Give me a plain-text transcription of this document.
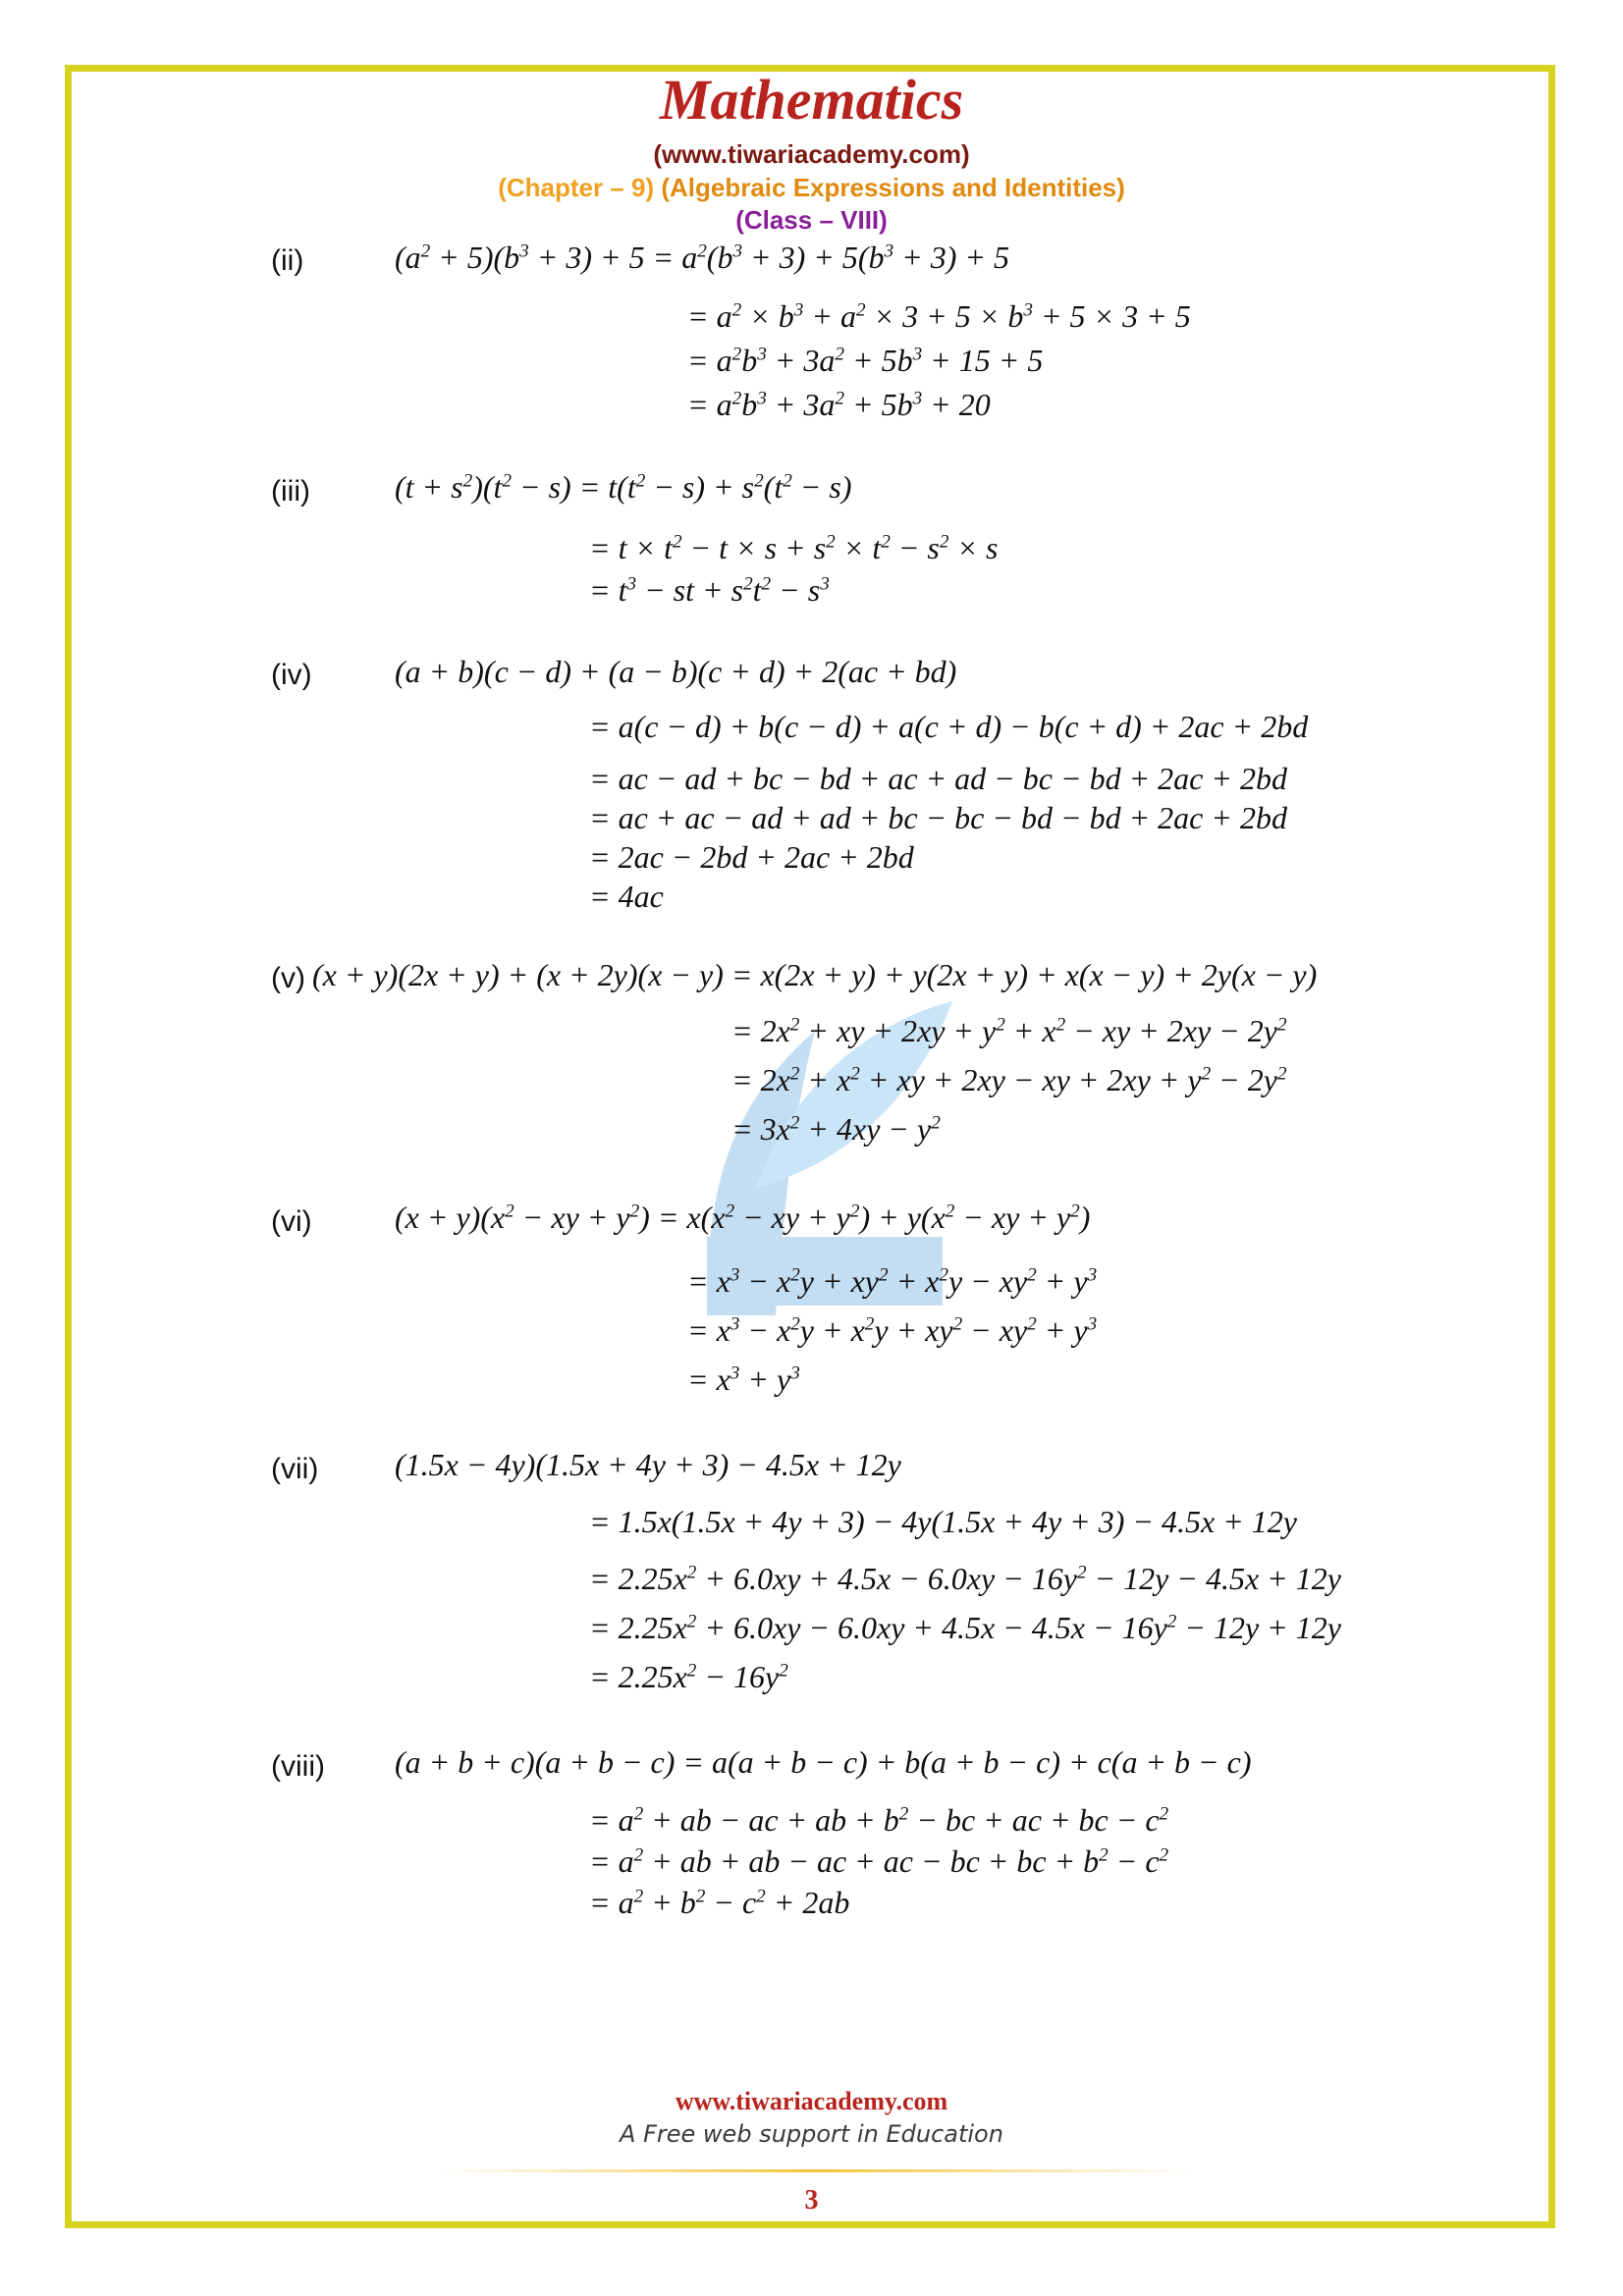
Mathematics
(www.tiwariacademy.com)
(Chapter – 9) (Algebraic Expressions and Identities)
(Class – VIII)
(ii)	$(a^2 + 5)(b^3 + 3) + 5 = a^2(b^3 + 3) + 5(b^3 + 3) + 5$
= $a^2 \times b^3 + a^2 \times 3 + 5 \times b^3 + 5 \times 3 + 5$
= $a^2b^3 + 3a^2 + 5b^3 + 15 + 5$
= $a^2b^3 + 3a^2 + 5b^3 + 20$
(iii)	$(t + s^2)(t^2 - s) = t(t^2 - s) + s^2(t^2 - s)$
= $t \times t^2 - t \times s + s^2 \times t^2 - s^2 \times s$
= $t^3$ − st + $s^2t^2 - s^3$
(iv)	(a + b)(c − d) + (a − b)(c + d) + 2(ac + bd)
= a(c − d) + b(c − d) + a(c + d) − b(c + d) + 2ac + 2bd
= ac − ad + bc − bd + ac + ad − bc − bd + 2ac + 2bd
= ac + ac − ad + ad + bc − bc − bd − bd + 2ac + 2bd
= 2ac − 2bd + 2ac + 2bd
= 4ac
(v) (x + y)(2x + y) + (x + 2y)(x − y) = x(2x + y) + y(2x + y) + x(x − y) + 2y(x − y)
= $2x^2$ + xy + $2xy + y^2 + x^2$ − xy + $2xy - 2y^2$
= $2x^2 + x^2$ + xy + 2xy − xy + $2xy + y^2 - 2y^2$
= $3x^2 + 4xy - y^2$
(vi)	$(x + y)(x^2$ − xy + $y^2) = x(x^2$ − xy + $y^2) + y(x^2$ − xy + $y^2$)
= $x^3 - x^2y + xy^2 + x^2y - xy^2 + y^3$
= $x^3 - x^2y + x^2y + xy^2 - xy^2 + y^3$
= $x^3 + y^3$
(vii) (1.5x − 4y)(1.5x + 4y + 3) − 4.5x + 12y
= 1.5x(1.5x + 4y + 3) − 4y(1.5x + 4y + 3) − 4.5x + 12y
= $2.25x^2 + 6.0xy + 4.5x - 6.0xy - 16y^2 - 12y - 4.5x + 12y$
= $2.25x^2 + 6.0xy - 6.0xy + 4.5x - 4.5x - 16y^2 - 12y + 12y$
= $2.25x^2 - 16y^2$
(viii) (a + b + c)(a + b − c) = a(a + b − c) + b(a + b − c) + c(a + b − c)
= $a^2$ + ab − ac + ab + $b^2$ − bc + ac + bc − $c^2$
= $a^2$ + ab + ab − ac + ac − bc + bc + $b^2 - c^2$
= $a^2 + b^2 - c^2 + 2ab$
www.tiwariacademy.com
A Free web support in Education
3
